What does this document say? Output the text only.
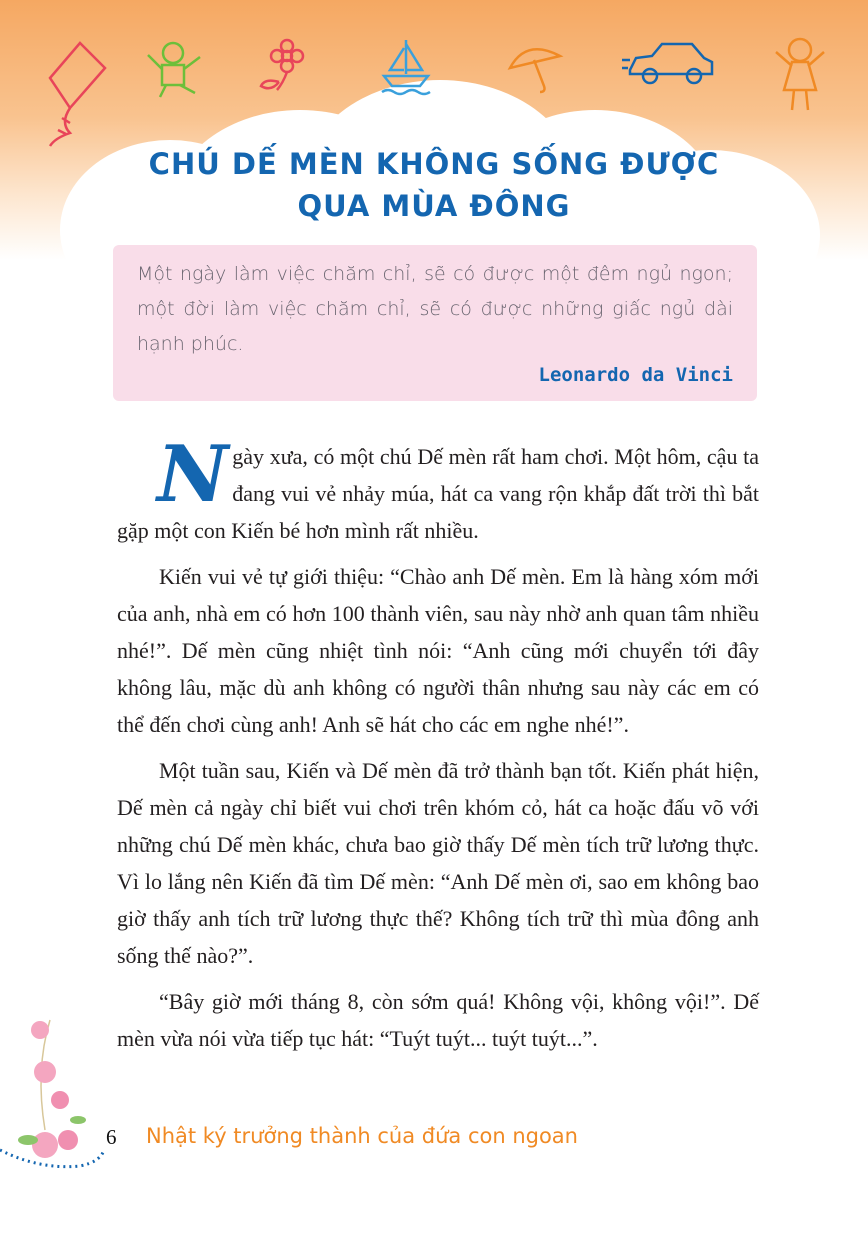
CHÚ DẾ MÈN KHÔNG SỐNG ĐƯỢC
QUA MÙA ĐÔNG
Một ngày làm việc chăm chỉ, sẽ có được một đêm ngủ ngon; một đời làm việc chăm chỉ, sẽ có được những giấc ngủ dài hạnh phúc.
Leonardo da Vinci

Ngày xưa, có một chú Dế mèn rất ham chơi. Một hôm, cậu ta đang vui vẻ nhảy múa, hát ca vang rộn khắp đất trời thì bắt gặp một con Kiến bé hơn mình rất nhiều.

Kiến vui vẻ tự giới thiệu: “Chào anh Dế mèn. Em là hàng xóm mới của anh, nhà em có hơn 100 thành viên, sau này nhờ anh quan tâm nhiều nhé!”. Dế mèn cũng nhiệt tình nói: “Anh cũng mới chuyển tới đây không lâu, mặc dù anh không có người thân nhưng sau này các em có thể đến chơi cùng anh! Anh sẽ hát cho các em nghe nhé!”.

Một tuần sau, Kiến và Dế mèn đã trở thành bạn tốt. Kiến phát hiện, Dế mèn cả ngày chỉ biết vui chơi trên khóm cỏ, hát ca hoặc đấu võ với những chú Dế mèn khác, chưa bao giờ thấy Dế mèn tích trữ lương thực. Vì lo lắng nên Kiến đã tìm Dế mèn: “Anh Dế mèn ơi, sao em không bao giờ thấy anh tích trữ lương thực thế? Không tích trữ thì mùa đông anh sống thế nào?”.

“Bây giờ mới tháng 8, còn sớm quá! Không vội, không vội!”. Dế mèn vừa nói vừa tiếp tục hát: “Tuýt tuýt... tuýt tuýt...”.

6 Nhật ký trưởng thành của đứa con ngoan
